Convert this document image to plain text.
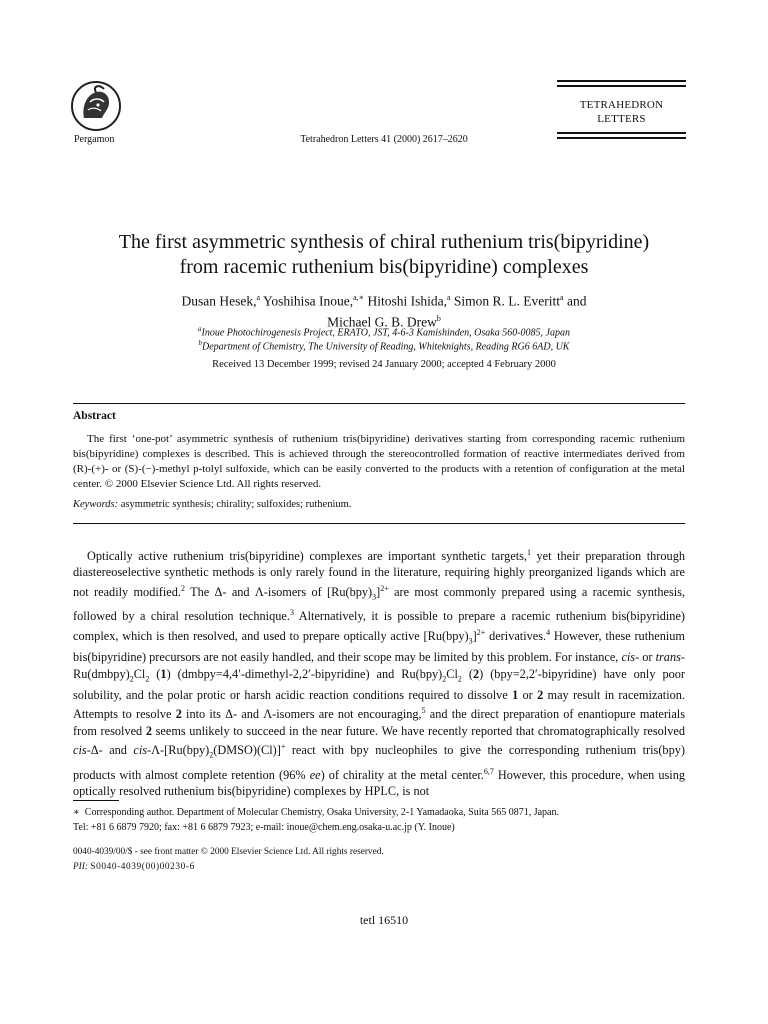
Pergamon	Tetrahedron Letters 41 (2000) 2617–2620
TETRAHEDRON
LETTERS
The first asymmetric synthesis of chiral ruthenium tris(bipyridine)
from racemic ruthenium bis(bipyridine) complexes
Dusan Hesek,$^a$ Yoshihisa Inoue,$^{a,∗}$ Hitoshi Ishida,$^a$ Simon R. L. Everitt$^a$ and
Michael G. B. Drew$^b$
$^a$Inoue Photochirogenesis Project, ERATO, JST, 4-6-3 Kamishinden, Osaka 560-0085, Japan
$^b$Department of Chemistry, The University of Reading, Whiteknights, Reading RG6 6AD, UK
Received 13 December 1999; revised 24 January 2000; accepted 4 February 2000
Abstract
The first ‘one-pot’ asymmetric synthesis of ruthenium tris(bipyridine) derivatives starting from corresponding racemic ruthenium bis(bipyridine) complexes is described. This is achieved through the stereocontrolled formation of reactive intermediates derived from (R)-(+)- or (S)-(−)-methyl p-tolyl sulfoxide, which can be easily converted to the products with a retention of configuration at the metal center. © 2000 Elsevier Science Ltd. All rights reserved.
Keywords: asymmetric synthesis; chirality; sulfoxides; ruthenium.
Optically active ruthenium tris(bipyridine) complexes are important synthetic targets,$^1$ yet their preparation through diastereoselective synthetic methods is only rarely found in the literature, requiring highly preorganized ligands which are not readily modified.$^2$ The Δ- and Λ-isomers of $[Ru(bpy)_3]^{2+}$ are most commonly prepared using a racemic synthesis, followed by a chiral resolution technique.$^3$ Alternatively, it is possible to prepare a racemic ruthenium bis(bipyridine) complex, which is then resolved, and used to prepare optically active $[Ru(bpy)_3]^{2+}$ derivatives.$^4$ However, these ruthenium bis(bipyridine) precursors are not easily handled, and their scope may be limited by this problem. For instance, cis- or trans-$Ru(dmbpy)_2Cl_2$ (1) (dmbpy=4,4′-dimethyl-2,2′-bipyridine) and $Ru(bpy)_2Cl_2$ (2) (bpy=2,2′-bipyridine) have only poor solubility, and the polar protic or harsh acidic reaction conditions required to dissolve 1 or 2 may result in racemization. Attempts to resolve 2 into its Δ- and Λ-isomers are not encouraging,$^5$ and the direct preparation of enantiopure materials from resolved 2 seems unlikely to succeed in the near future. We have recently reported that chromatographically resolved cis-Δ- and cis-$\Lambda-[Ru(bpy)_2(DMSO)(Cl)]^+$ react with bpy nucleophiles to give the corresponding ruthenium tris(bpy) products with almost complete retention (96% ee) of chirality at the metal center.$^{6,7}$ However, this procedure, when using optically resolved ruthenium bis(bipyridine) complexes by HPLC, is not
∗ Corresponding author. Department of Molecular Chemistry, Osaka University, 2-1 Yamadaoka, Suita 565 0871, Japan.
Tel: +81 6 6879 7920; fax: +81 6 6879 7923; e-mail: inoue@chem.eng.osaka-u.ac.jp (Y. Inoue)
0040-4039/00/$ - see front matter © 2000 Elsevier Science Ltd. All rights reserved.
PII: S0040-4039(00)00230-6
tetl 16510
